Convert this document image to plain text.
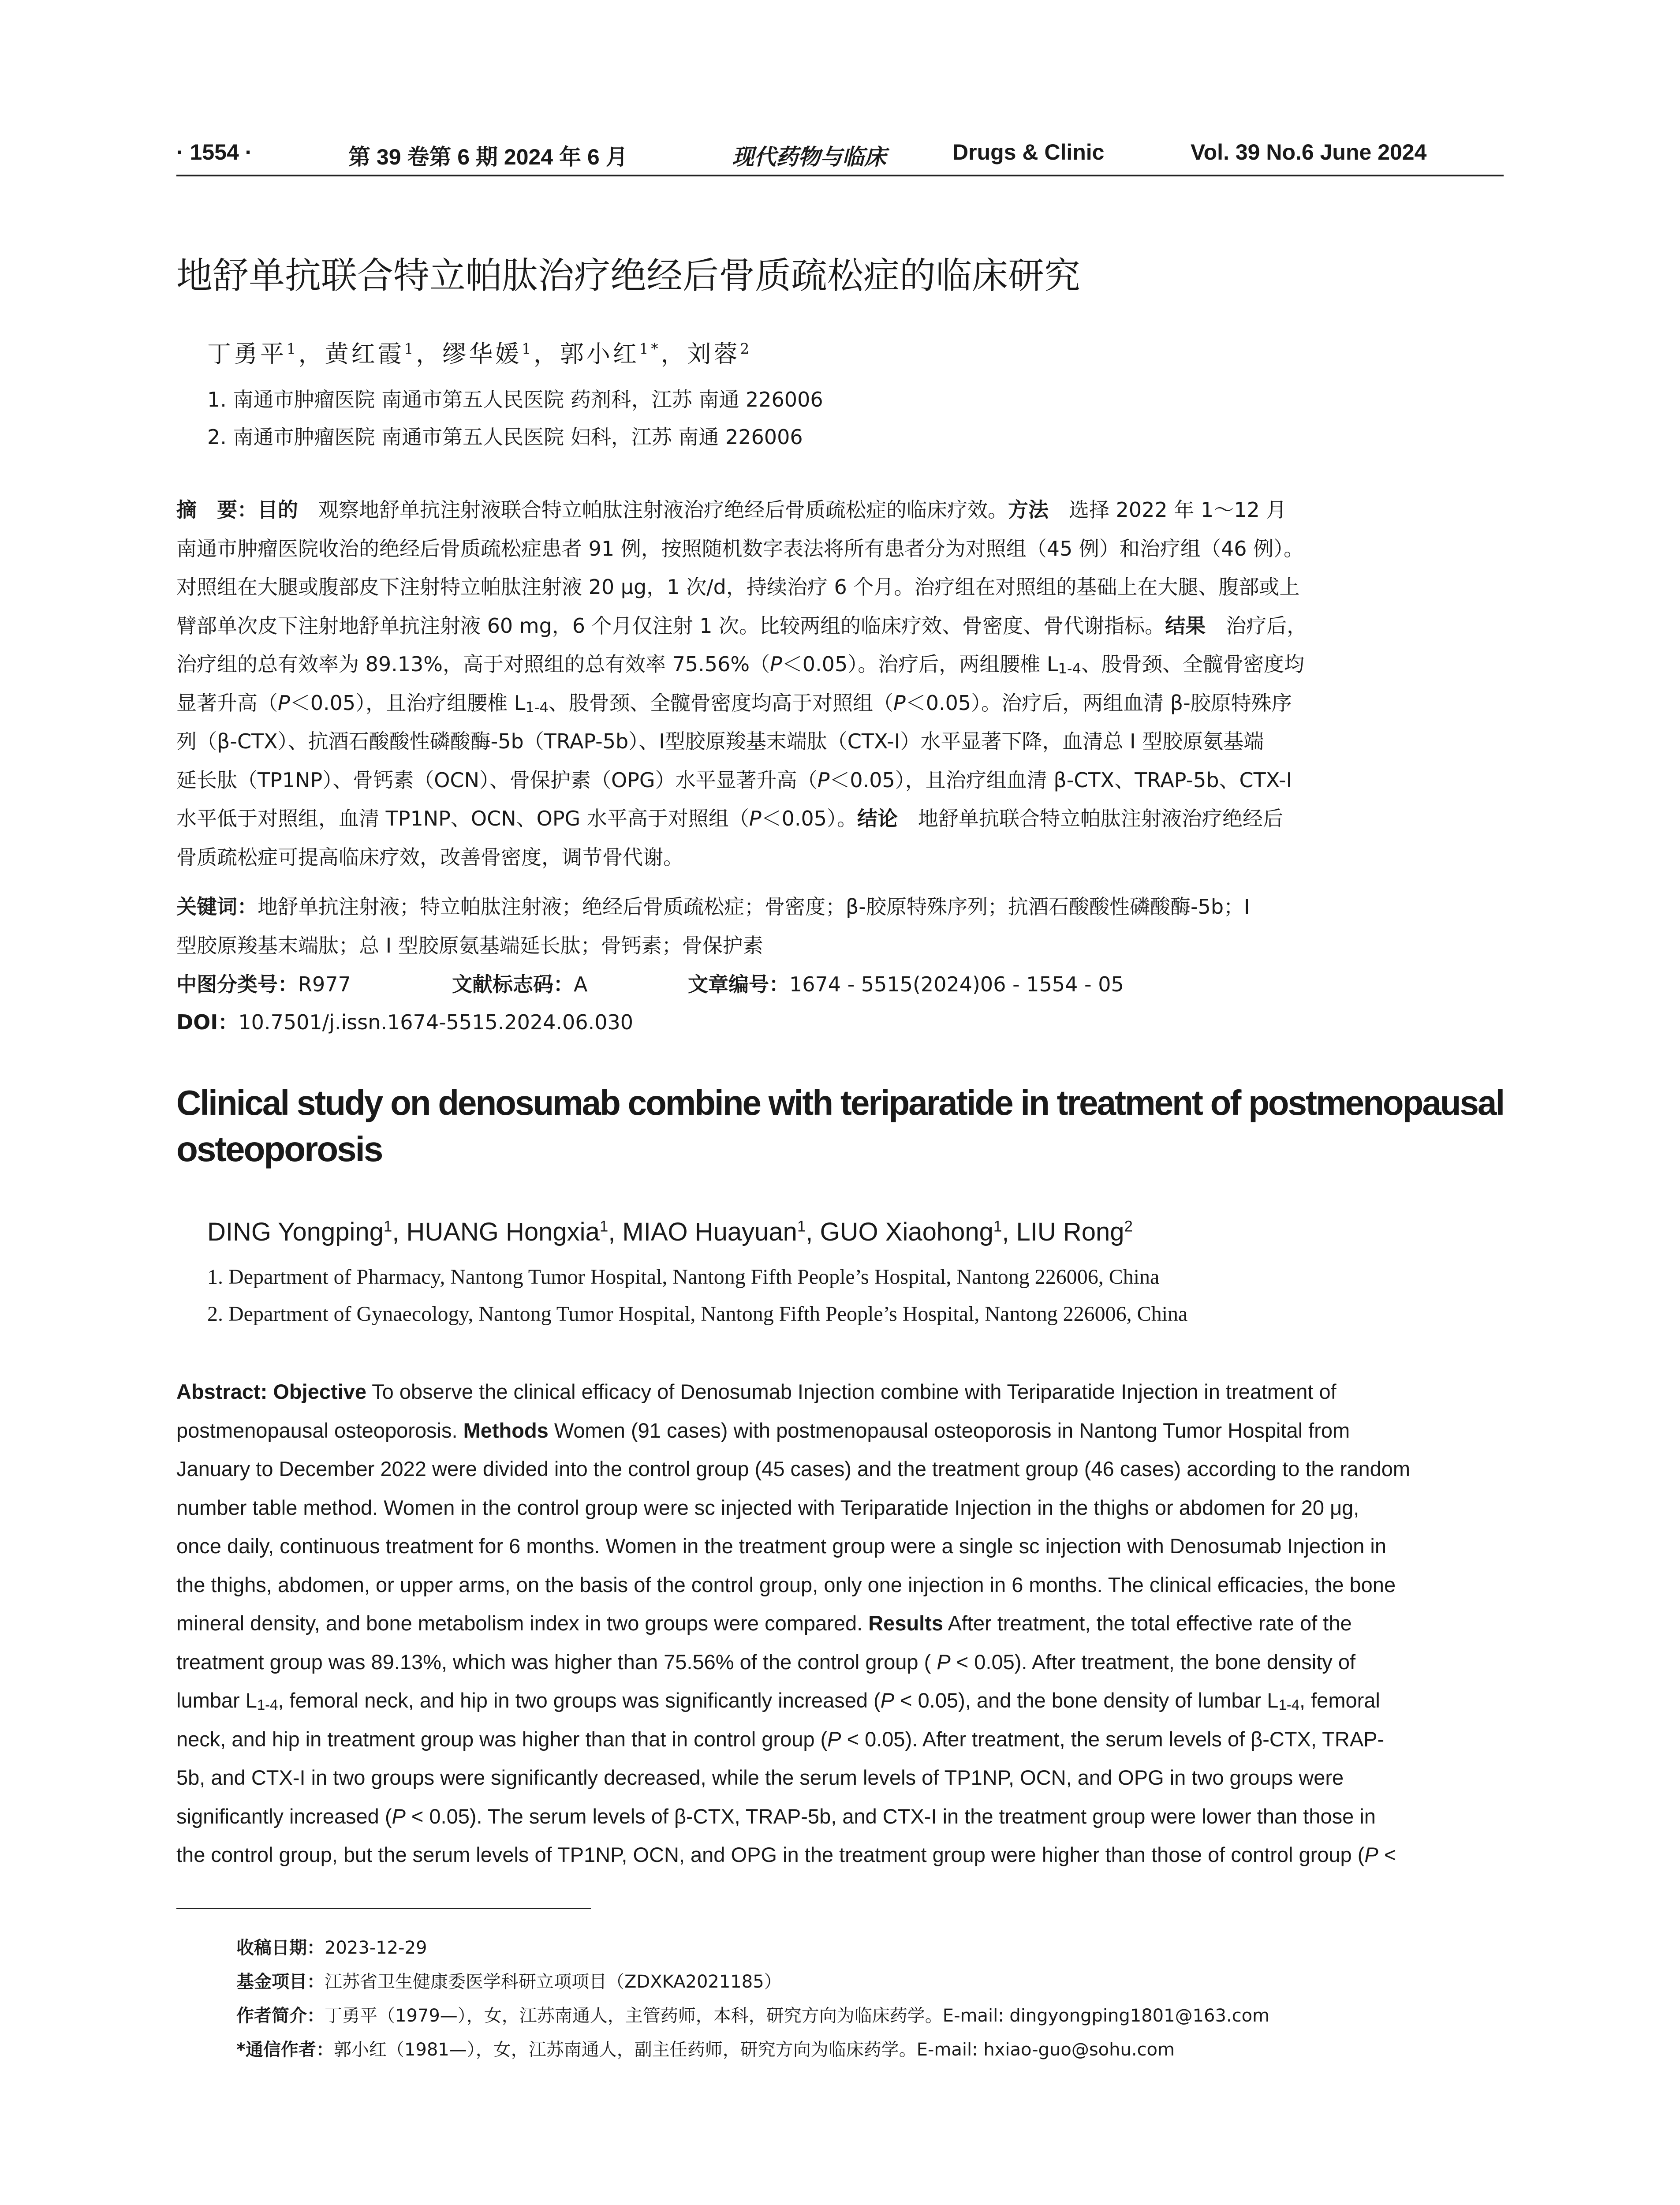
· 1554 ·	第 39 卷第 6 期 2024 年 6 月	现代药物与临床	Drugs & Clinic	Vol. 39 No.6 June 2024
地舒单抗联合特立帕肽治疗绝经后骨质疏松症的临床研究
丁勇平$^1$，黄红霞$^1$，缪华媛$^1$，郭小红$^{1*}$，刘蓉$^2$
1. 南通市肿瘤医院 南通市第五人民医院 药剂科，江苏 南通 226006
2. 南通市肿瘤医院 南通市第五人民医院 妇科，江苏 南通 226006
摘　要：目的　观察地舒单抗注射液联合特立帕肽注射液治疗绝经后骨质疏松症的临床疗效。方法　选择 2022 年 1～12 月
南通市肿瘤医院收治的绝经后骨质疏松症患者 91 例，按照随机数字表法将所有患者分为对照组（45 例）和治疗组（46 例）。
对照组在大腿或腹部皮下注射特立帕肽注射液 20 μg，1 次/d，持续治疗 6 个月。治疗组在对照组的基础上在大腿、腹部或上
臂部单次皮下注射地舒单抗注射液 60 mg，6 个月仅注射 1 次。比较两组的临床疗效、骨密度、骨代谢指标。结果　治疗后，
治疗组的总有效率为 89.13%，高于对照组的总有效率 75.56%（P＜0.05）。治疗后，两组腰椎 L1-4、股骨颈、全髋骨密度均
显著升高（P＜0.05），且治疗组腰椎 L1-4、股骨颈、全髋骨密度均高于对照组（P＜0.05）。治疗后，两组血清 β-胶原特殊序
列（β-CTX）、抗酒石酸酸性磷酸酶-5b（TRAP-5b）、Ⅰ型胶原羧基末端肽（CTX-Ⅰ）水平显著下降，血清总 I 型胶原氨基端
延长肽（TP1NP）、骨钙素（OCN）、骨保护素（OPG）水平显著升高（P＜0.05），且治疗组血清 β-CTX、TRAP-5b、CTX-Ⅰ
水平低于对照组，血清 TP1NP、OCN、OPG 水平高于对照组（P＜0.05）。结论　地舒单抗联合特立帕肽注射液治疗绝经后
骨质疏松症可提高临床疗效，改善骨密度，调节骨代谢。
关键词：地舒单抗注射液；特立帕肽注射液；绝经后骨质疏松症；骨密度；β-胶原特殊序列；抗酒石酸酸性磷酸酶-5b；Ⅰ
型胶原羧基末端肽；总 I 型胶原氨基端延长肽；骨钙素；骨保护素
中图分类号：R977	文献标志码：A	文章编号：1674 - 5515(2024)06 - 1554 - 05
DOI：10.7501/j.issn.1674-5515.2024.06.030
Clinical study on denosumab combine with teriparatide in treatment of postmenopausal
osteoporosis
DING Yongping$^1$, HUANG Hongxia$^1$, MIAO Huayuan$^1$, GUO Xiaohong$^1$, LIU Rong$^2$
1. Department of Pharmacy, Nantong Tumor Hospital, Nantong Fifth People’s Hospital, Nantong 226006, China
2. Department of Gynaecology, Nantong Tumor Hospital, Nantong Fifth People’s Hospital, Nantong 226006, China
Abstract: Objective To observe the clinical efficacy of Denosumab Injection combine with Teriparatide Injection in treatment of
postmenopausal osteoporosis. Methods Women (91 cases) with postmenopausal osteoporosis in Nantong Tumor Hospital from
January to December 2022 were divided into the control group (45 cases) and the treatment group (46 cases) according to the random
number table method. Women in the control group were sc injected with Teriparatide Injection in the thighs or abdomen for 20 μg,
once daily, continuous treatment for 6 months. Women in the treatment group were a single sc injection with Denosumab Injection in
the thighs, abdomen, or upper arms, on the basis of the control group, only one injection in 6 months. The clinical efficacies, the bone
mineral density, and bone metabolism index in two groups were compared. Results After treatment, the total effective rate of the
treatment group was 89.13%, which was higher than 75.56% of the control group ( P < 0.05). After treatment, the bone density of
lumbar L1-4, femoral neck, and hip in two groups was significantly increased (P < 0.05), and the bone density of lumbar L1-4, femoral
neck, and hip in treatment group was higher than that in control group (P < 0.05). After treatment, the serum levels of β-CTX, TRAP-
5b, and CTX-I in two groups were significantly decreased, while the serum levels of TP1NP, OCN, and OPG in two groups were
significantly increased (P < 0.05). The serum levels of β-CTX, TRAP-5b, and CTX-I in the treatment group were lower than those in
the control group, but the serum levels of TP1NP, OCN, and OPG in the treatment group were higher than those of control group (P <
收稿日期：2023-12-29
基金项目：江苏省卫生健康委医学科研立项项目（ZDXKA2021185）
作者简介：丁勇平（1979—），女，江苏南通人，主管药师，本科，研究方向为临床药学。E-mail: dingyongping1801@163.com
*通信作者：郭小红（1981—），女，江苏南通人，副主任药师，研究方向为临床药学。E-mail: hxiao-guo@sohu.com
